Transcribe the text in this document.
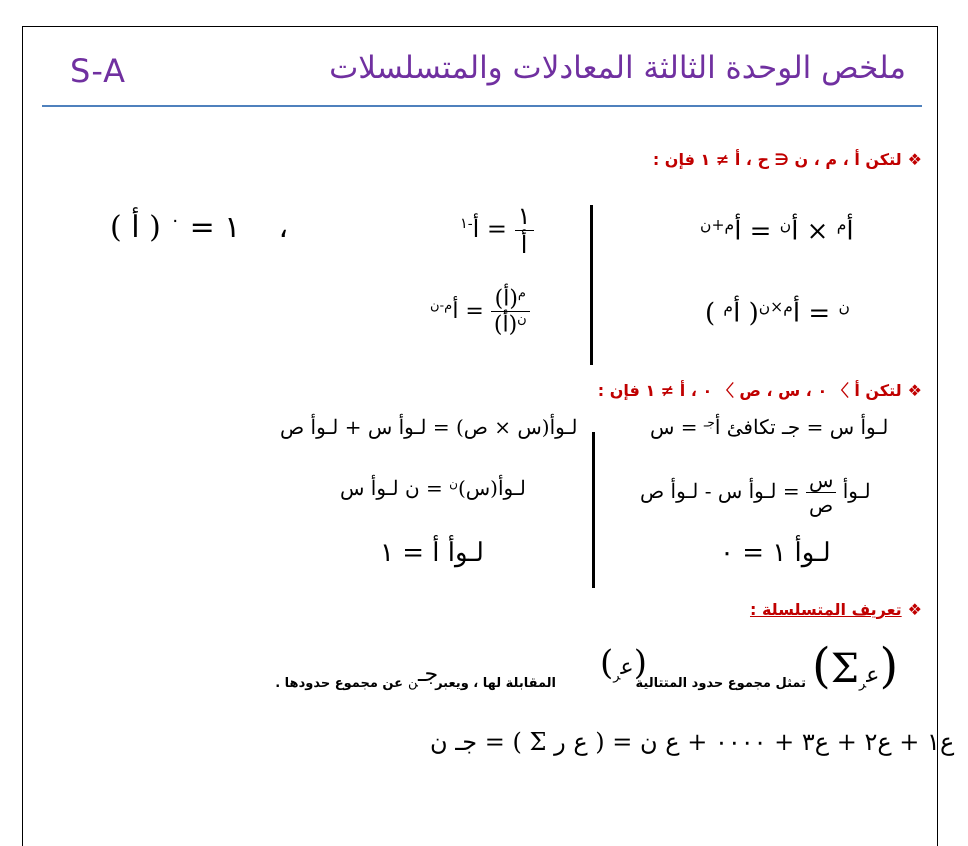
ملخص الوحدة الثالثة المعادلات والمتسلسلات
S-A
❖لتكن أ ، م ، ن ∈ ح ، أ ≠ ١ فإن :
أ$^م$ × أ$^ن$ = أ$^{م+ن}$
أ$^{-١}$ = $\frac{١}{\text{أ}}$
١ = $^٠$ ( أ )    ،
( أ$^م$ )	$^ن$ = أ$^{م\times ن}$
أ$^{م-ن}$ = $\frac{(أ)^م}{(أ)^ن}$
❖لتكن أ 〉 ٠ ، س ، ص 〉 ٠ ، أ ≠ ١ فإن :
لـوأ س = جـ تكافئ أ$^{جـ}$ = س
لـوأ(س × ص) = لـوأ س + لـوأ ص
لـوأ
$\frac{\text{س}}{\text{ص}}$
= لـوأ س - لـوأ ص
لـوأ(س)$^ن$ = ن لـوأ س
لـوأ ١ = ٠
لـوأ أ = ١
❖تعريف المتسلسلة :
(Σ ع$_ر$ )
تمثل مجموع حدود المتتالية
( ع$_ر$ )
المقابلة لها ، ويعبر
جـ$_ن$
عن مجموع حدودها .
جـ ن = ( Σ ع ر ) = ع١ + ع٢ + ع٣ + ٠٠٠٠ + ع ن
